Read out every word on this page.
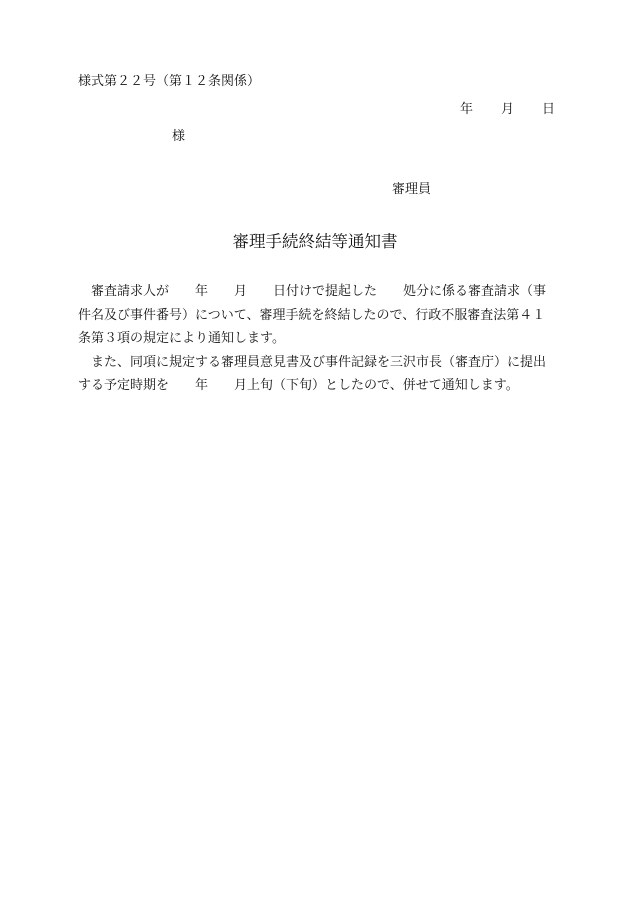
様式第２２号（第１２条関係）
年 月 日
様
審理員
審理手続終結等通知書

審査請求人が　　年　　月　　日付けで提起した　　処分に係る審査請求（事件名及び事件番号）について、審理手続を終結したので、行政不服審査法第４１条第３項の規定により通知します。

また、同項に規定する審理員意見書及び事件記録を三沢市長（審査庁）に提出する予定時期を　　年　　月上旬（下旬）としたので、併せて通知します。
